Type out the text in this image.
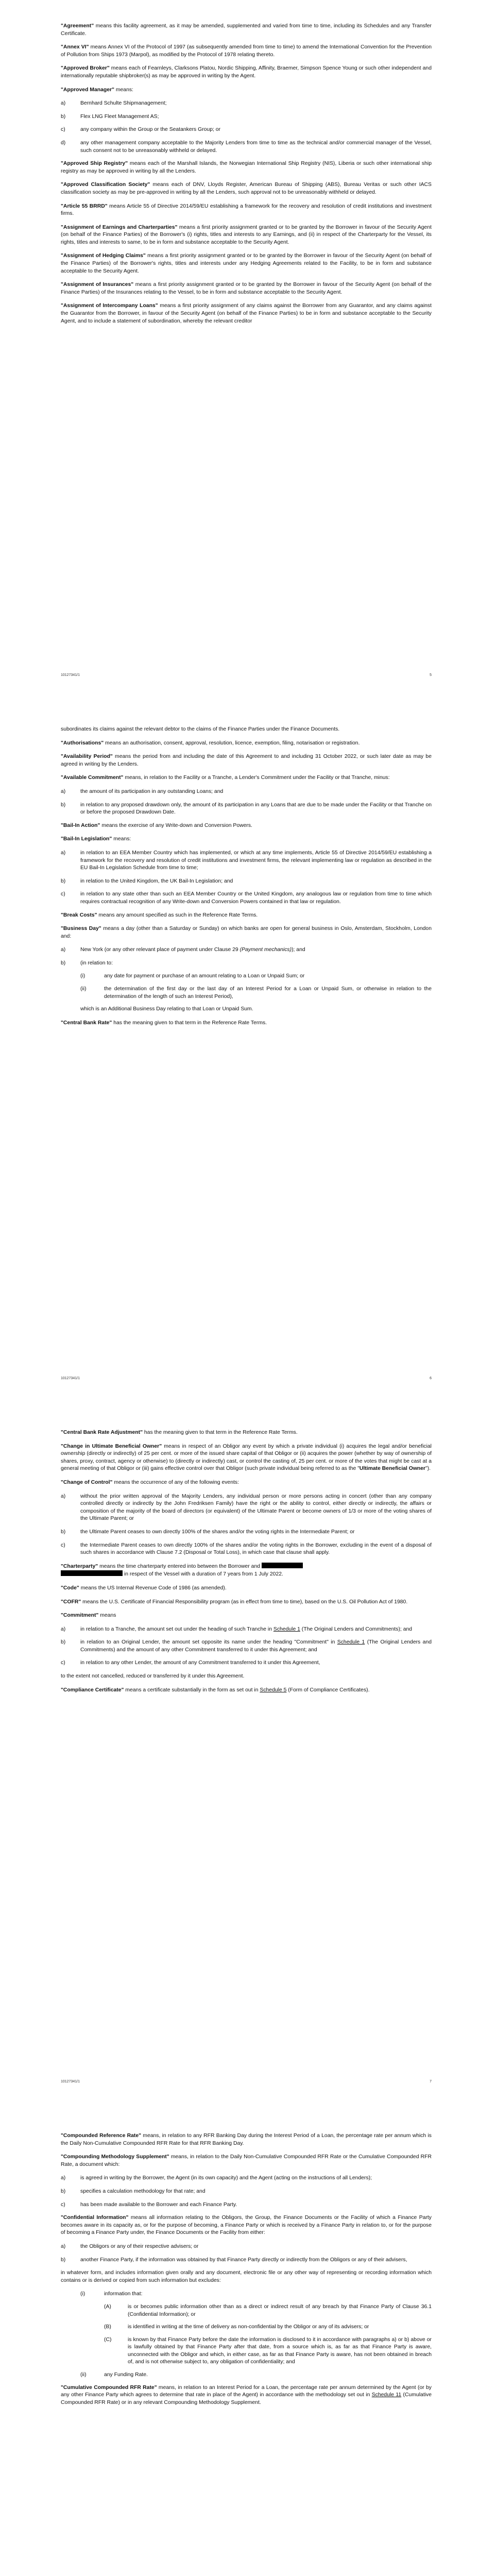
"Agreement" means this facility agreement, as it may be amended, supplemented and varied from time to time, including its Schedules and any Transfer Certificate.

"Annex VI" means Annex VI of the Protocol of 1997 (as subsequently amended from time to time) to amend the International Convention for the Prevention of Pollution from Ships 1973 (Marpol), as modified by the Protocol of 1978 relating thereto.

"Approved Broker" means each of Fearnleys, Clarksons Platou, Nordic Shipping, Affinity, Braemer, Simpson Spence Young or such other independent and internationally reputable shipbroker(s) as may be approved in writing by the Agent.

"Approved Manager" means:

a)	Bernhard Schulte Shipmanagement;
b)	Flex LNG Fleet Management AS;
c)	any company within the Group or the Seatankers Group; or
d)	any other management company acceptable to the Majority Lenders from time to time as the technical and/or commercial manager of the Vessel, such consent not to be unreasonably withheld or delayed.

"Approved Ship Registry" means each of the Marshall Islands, the Norwegian International Ship Registry (NIS), Liberia or such other international ship registry as may be approved in writing by all the Lenders.

"Approved Classification Society" means each of DNV, Lloyds Register, American Bureau of Shipping (ABS), Bureau Veritas or such other IACS classification society as may be pre-approved in writing by all the Lenders, such approval not to be unreasonably withheld or delayed.

"Article 55 BRRD" means Article 55 of Directive 2014/59/EU establishing a framework for the recovery and resolution of credit institutions and investment firms.

"Assignment of Earnings and Charterparties" means a first priority assignment granted or to be granted by the Borrower in favour of the Security Agent (on behalf of the Finance Parties) of the Borrower's (i) rights, titles and interests to any Earnings, and (ii) in respect of the Charterparty for the Vessel, its rights, titles and interests to same, to be in form and substance acceptable to the Security Agent.

"Assignment of Hedging Claims" means a first priority assignment granted or to be granted by the Borrower in favour of the Security Agent (on behalf of the Finance Parties) of the Borrower's rights, titles and interests under any Hedging Agreements related to the Facility, to be in form and substance acceptable to the Security Agent.

"Assignment of Insurances" means a first priority assignment granted or to be granted by the Borrower in favour of the Security Agent (on behalf of the Finance Parties) of the Insurances relating to the Vessel, to be in form and substance acceptable to the Security Agent.

"Assignment of Intercompany Loans" means a first priority assignment of any claims against the Borrower from any Guarantor, and any claims against the Guarantor from the Borrower, in favour of the Security Agent (on behalf of the Finance Parties) to be in form and substance acceptable to the Security Agent, and to include a statement of subordination, whereby the relevant creditor

10127341/1	5

subordinates its claims against the relevant debtor to the claims of the Finance Parties under the Finance Documents.

"Authorisations" means an authorisation, consent, approval, resolution, licence, exemption, filing, notarisation or registration.

"Availability Period" means the period from and including the date of this Agreement to and including 31 October 2022, or such later date as may be agreed in writing by the Lenders.

"Available Commitment" means, in relation to the Facility or a Tranche, a Lender's Commitment under the Facility or that Tranche, minus:

a)	the amount of its participation in any outstanding Loans; and
b)	in relation to any proposed drawdown only, the amount of its participation in any Loans that are due to be made under the Facility or that Tranche on or before the proposed Drawdown Date.

"Bail-In Action" means the exercise of any Write-down and Conversion Powers.

"Bail-In Legislation" means:

a)	in relation to an EEA Member Country which has implemented, or which at any time implements, Article 55 of Directive 2014/59/EU establishing a framework for the recovery and resolution of credit institutions and investment firms, the relevant implementing law or regulation as described in the EU Bail-In Legislation Schedule from time to time;
b)	in relation to the United Kingdom, the UK Bail-In Legislation; and
c)	in relation to any state other than such an EEA Member Country or the United Kingdom, any analogous law or regulation from time to time which requires contractual recognition of any Write-down and Conversion Powers contained in that law or regulation.

"Break Costs" means any amount specified as such in the Reference Rate Terms.

"Business Day" means a day (other than a Saturday or Sunday) on which banks are open for general business in Oslo, Amsterdam, Stockholm, London and:

a)	New York (or any other relevant place of payment under Clause 29 (Payment mechanics)); and
b)	(in relation to:
(i)	any date for payment or purchase of an amount relating to a Loan or Unpaid Sum; or
(ii)	the determination of the first day or the last day of an Interest Period for a Loan or Unpaid Sum, or otherwise in relation to the determination of the length of such an Interest Period),

which is an Additional Business Day relating to that Loan or Unpaid Sum.

"Central Bank Rate" has the meaning given to that term in the Reference Rate Terms.

10127341/1	6

"Central Bank Rate Adjustment" has the meaning given to that term in the Reference Rate Terms.

"Change in Ultimate Beneficial Owner" means in respect of an Obligor any event by which a private individual (i) acquires the legal and/or beneficial ownership (directly or indirectly) of 25 per cent. or more of the issued share capital of that Obligor or (ii) acquires the power (whether by way of ownership of shares, proxy, contract, agency or otherwise) to (directly or indirectly) cast, or control the casting of, 25 per cent. or more of the votes that might be cast at a general meeting of that Obligor or (iii) gains effective control over that Obligor (such private individual being referred to as the "Ultimate Beneficial Owner").

"Change of Control" means the occurrence of any of the following events:

a)	without the prior written approval of the Majority Lenders, any individual person or more persons acting in concert (other than any company controlled directly or indirectly by the John Fredriksen Family) have the right or the ability to control, either directly or indirectly, the affairs or composition of the majority of the board of directors (or equivalent) of the Ultimate Parent or become owners of 1/3 or more of the voting shares of the Ultimate Parent; or
b)	the Ultimate Parent ceases to own directly 100% of the shares and/or the voting rights in the Intermediate Parent; or
c)	the Intermediate Parent ceases to own directly 100% of the shares and/or the voting rights in the Borrower, excluding in the event of a disposal of such shares in accordance with Clause 7.2 (Disposal or Total Loss), in which case that clause shall apply.

"Charterparty" means the time charterparty entered into between the Borrower and
in respect of the Vessel with a duration of 7 years from 1 July 2022.

"Code" means the US Internal Revenue Code of 1986 (as amended).

"COFR" means the U.S. Certificate of Financial Responsibility program (as in effect from time to time), based on the U.S. Oil Pollution Act of 1980.

"Commitment" means

a)	in relation to a Tranche, the amount set out under the heading of such Tranche in Schedule 1 (The Original Lenders and Commitments); and
b)	in relation to an Original Lender, the amount set opposite its name under the heading "Commitment" in Schedule 1 (The Original Lenders and Commitments) and the amount of any other Commitment transferred to it under this Agreement; and
c)	in relation to any other Lender, the amount of any Commitment transferred to it under this Agreement,

to the extent not cancelled, reduced or transferred by it under this Agreement.

"Compliance Certificate" means a certificate substantially in the form as set out in Schedule 5 (Form of Compliance Certificates).

10127341/1	7

"Compounded Reference Rate" means, in relation to any RFR Banking Day during the Interest Period of a Loan, the percentage rate per annum which is the Daily Non-Cumulative Compounded RFR Rate for that RFR Banking Day.

"Compounding Methodology Supplement" means, in relation to the Daily Non-Cumulative Compounded RFR Rate or the Cumulative Compounded RFR Rate, a document which:

a)	is agreed in writing by the Borrower, the Agent (in its own capacity) and the Agent (acting on the instructions of all Lenders);
b)	specifies a calculation methodology for that rate; and
c)	has been made available to the Borrower and each Finance Party.

"Confidential Information" means all information relating to the Obligors, the Group, the Finance Documents or the Facility of which a Finance Party becomes aware in its capacity as, or for the purpose of becoming, a Finance Party or which is received by a Finance Party in relation to, or for the purpose of becoming a Finance Party under, the Finance Documents or the Facility from either:

a)	the Obligors or any of their respective advisers; or
b)	another Finance Party, if the information was obtained by that Finance Party directly or indirectly from the Obligors or any of their advisers,

in whatever form, and includes information given orally and any document, electronic file or any other way of representing or recording information which contains or is derived or copied from such information but excludes:

(i)	information that:
(A)	is or becomes public information other than as a direct or indirect result of any breach by that Finance Party of Clause 36.1 (Confidential Information); or
(B)	is identified in writing at the time of delivery as non-confidential by the Obligor or any of its advisers; or
(C)	is known by that Finance Party before the date the information is disclosed to it in accordance with paragraphs a) or b) above or is lawfully obtained by that Finance Party after that date, from a source which is, as far as that Finance Party is aware, unconnected with the Obligor and which, in either case, as far as that Finance Party is aware, has not been obtained in breach of, and is not otherwise subject to, any obligation of confidentiality; and
(ii)	any Funding Rate.

"Cumulative Compounded RFR Rate" means, in relation to an Interest Period for a Loan, the percentage rate per annum determined by the Agent (or by any other Finance Party which agrees to determine that rate in place of the Agent) in accordance with the methodology set out in Schedule 11 (Cumulative Compounded RFR Rate) or in any relevant Compounding Methodology Supplement.
